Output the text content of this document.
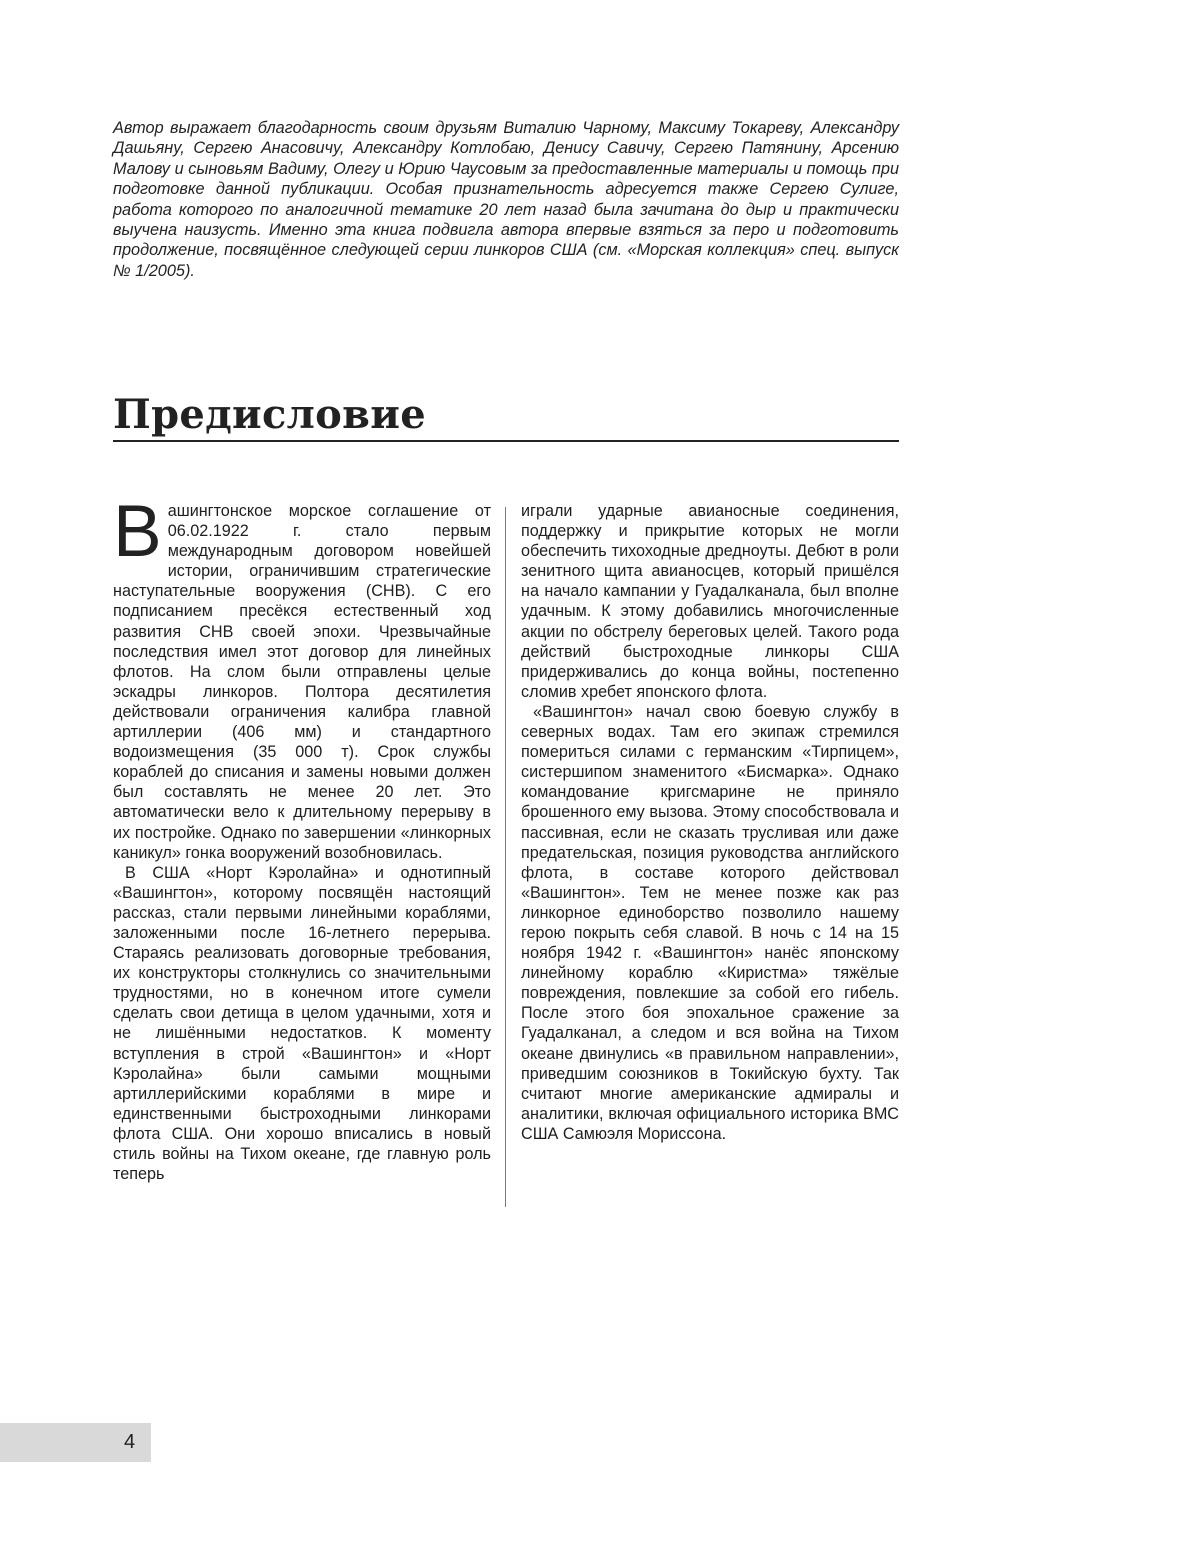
Автор выражает благодарность своим друзьям Виталию Чарному, Максиму Токареву, Александру Дашьяну, Сергею Анасовичу, Александру Котлобаю, Денису Савичу, Сергею Патянину, Арсению Малову и сыновьям Вадиму, Олегу и Юрию Чаусовым за предоставленные материалы и помощь при подготовке данной публикации. Особая признательность адресуется также Сергею Сулиге, работа которого по аналогичной тематике 20 лет назад была зачитана до дыр и практически выучена наизусть. Именно эта книга подвигла автора впервые взяться за перо и подготовить продолжение, посвящённое следующей серии линкоров США (см. «Морская коллекция» спец. выпуск № 1/2005).

Предисловие

Вашингтонское морское соглашение от 06.02.1922 г. стало первым международным договором новейшей истории, ограничившим стратегические наступательные вооружения (СНВ). С его подписанием пресёкся естественный ход развития СНВ своей эпохи. Чрезвычайные последствия имел этот договор для линейных флотов. На слом были отправлены целые эскадры линкоров. Полтора десятилетия действовали ограничения калибра главной артиллерии (406 мм) и стандартного водоизмещения (35 000 т). Срок службы кораблей до списания и замены новыми должен был составлять не менее 20 лет. Это автоматически вело к длительному перерыву в их постройке. Однако по завершении «линкорных каникул» гонка вооружений возобновилась.

В США «Норт Кэролайна» и однотипный «Вашингтон», которому посвящён настоящий рассказ, стали первыми линейными кораблями, заложенными после 16-летнего перерыва. Стараясь реализовать договорные требования, их конструкторы столкнулись со значительными трудностями, но в конечном итоге сумели сделать свои детища в целом удачными, хотя и не лишёнными недостатков. К моменту вступления в строй «Вашингтон» и «Норт Кэролайна» были самыми мощными артиллерийскими кораблями в мире и единственными быстроходными линкорами флота США. Они хорошо вписались в новый стиль войны на Тихом океане, где главную роль теперь

играли ударные авианосные соединения, поддержку и прикрытие которых не могли обеспечить тихоходные дредноуты. Дебют в роли зенитного щита авианосцев, который пришёлся на начало кампании у Гуадалканала, был вполне удачным. К этому добавились многочисленные акции по обстрелу береговых целей. Такого рода действий быстроходные линкоры США придерживались до конца войны, постепенно сломив хребет японского флота.

«Вашингтон» начал свою боевую службу в северных водах. Там его экипаж стремился помериться силами с германским «Тирпицем», систершипом знаменитого «Бисмарка». Однако командование кригсмарине не приняло брошенного ему вызова. Этому способствовала и пассивная, если не сказать трусливая или даже предательская, позиция руководства английского флота, в составе которого действовал «Вашингтон». Тем не менее позже как раз линкорное единоборство позволило нашему герою покрыть себя славой. В ночь с 14 на 15 ноября 1942 г. «Вашингтон» нанёс японскому линейному кораблю «Киристма» тяжёлые повреждения, повлекшие за собой его гибель. После этого боя эпохальное сражение за Гуадалканал, а следом и вся война на Тихом океане двинулись «в правильном направлении», приведшим союзников в Токийскую бухту. Так считают многие американские адмиралы и аналитики, включая официального историка ВМС США Самюэля Мориссона.

4
